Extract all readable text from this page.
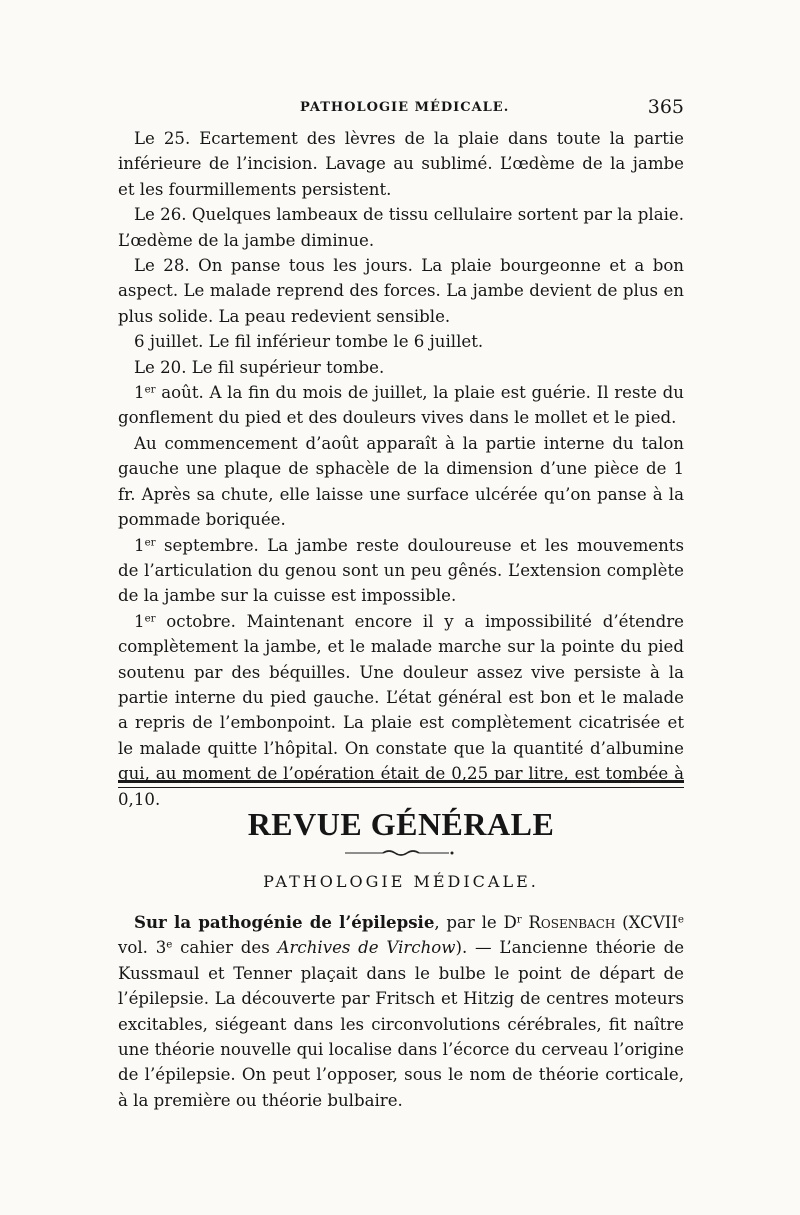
PATHOLOGIE MÉDICALE.	365

Le 25. Ecartement des lèvres de la plaie dans toute la partie inférieure de l’incision. Lavage au sublimé. L’œdème de la jambe et les fourmillements persistent.

Le 26. Quelques lambeaux de tissu cellulaire sortent par la plaie. L’œdème de la jambe diminue.

Le 28. On panse tous les jours. La plaie bourgeonne et a bon aspect. Le malade reprend des forces. La jambe devient de plus en plus solide. La peau redevient sensible.

6 juillet. Le fil inférieur tombe le 6 juillet.

Le 20. Le fil supérieur tombe.

1er août. A la fin du mois de juillet, la plaie est guérie. Il reste du gonflement du pied et des douleurs vives dans le mollet et le pied.

Au commencement d’août apparaît à la partie interne du talon gauche une plaque de sphacèle de la dimension d’une pièce de 1 fr. Après sa chute, elle laisse une surface ulcérée qu’on panse à la pommade boriquée.

1er septembre. La jambe reste douloureuse et les mouvements de l’articulation du genou sont un peu gênés. L’extension complète de la jambe sur la cuisse est impossible.

1er octobre. Maintenant encore il y a impossibilité d’étendre complètement la jambe, et le malade marche sur la pointe du pied soutenu par des béquilles. Une douleur assez vive persiste à la partie interne du pied gauche. L’état général est bon et le malade a repris de l’embonpoint. La plaie est complètement cicatrisée et le malade quitte l’hôpital. On constate que la quantité d’albumine qui, au moment de l’opération était de 0,25 par litre, est tombée à 0,10.

REVUE GÉNÉRALE
PATHOLOGIE MÉDICALE.

Sur la pathogénie de l’épilepsie, par le $D^r$ Rosenbach (XCVIIe vol. 3e cahier des Archives de Virchow). — L’ancienne théorie de Kussmaul et Tenner plaçait dans le bulbe le point de départ de l’épilepsie. La découverte par Fritsch et Hitzig de centres moteurs excitables, siégeant dans les circonvolutions cérébrales, fit naître une théorie nouvelle qui localise dans l’écorce du cerveau l’origine de l’épilepsie. On peut l’opposer, sous le nom de théorie corticale, à la première ou théorie bulbaire.
